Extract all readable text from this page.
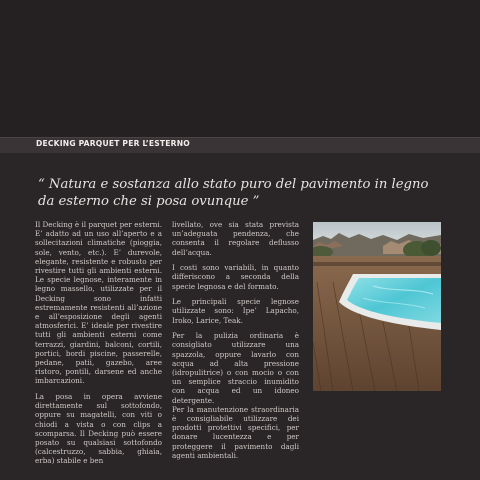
DECKING PARQUET PER L’ESTERNO
“ Natura e sostanza allo stato puro del pavimento in legno da esterno che si posa ovunque ”

Il Decking è il parquet per esterni. E’ adatto ad un uso all’aperto e a sollecitazioni climatiche (pioggia, sole, vento, etc.). E’ durevole, elegante, resistente e robusto per rivestire tutti gli ambienti esterni. Le specie legnose, interamente in legno massello, utilizzate per il Decking sono infatti estremamente resistenti all’azione e all’esposizione degli agenti atmosferici. E’ ideale per rivestire tutti gli ambienti esterni come terrazzi, giardini, balconi, cortili, portici, bordi piscine, passerelle, pedane, patii, gazebo, aree ristoro, pontili, darsene ed anche imbarcazioni.

La posa in opera avviene direttamente sul sottofondo, oppure su magatelli, con viti o chiodi a vista o con clips a scomparsa. Il Decking può essere posato su qualsiasi sottofondo (calcestruzzo, sabbia, ghiaia, erba) stabile e ben

livellato, ove sia stata prevista un’adeguata pendenza, che consenta il regolare deflusso dell’acqua.

I costi sono variabili, in quanto differiscono a seconda della specie legnosa e del formato.

Le principali specie legnose utilizzate sono: Ipe’ Lapacho, Iroko, Larice, Teak.

Per la pulizia ordinaria è consigliato utilizzare una spazzola, oppure lavarlo con acqua ad alta pressione (idropulitrice) o con mocio o con un semplice straccio inumidito con acqua ed un idoneo detergente.

Per la manutenzione straordinaria è consigliabile utilizzare dei prodotti protettivi specifici, per donare lucentezza e per proteggere il pavimento dagli agenti ambientali.
